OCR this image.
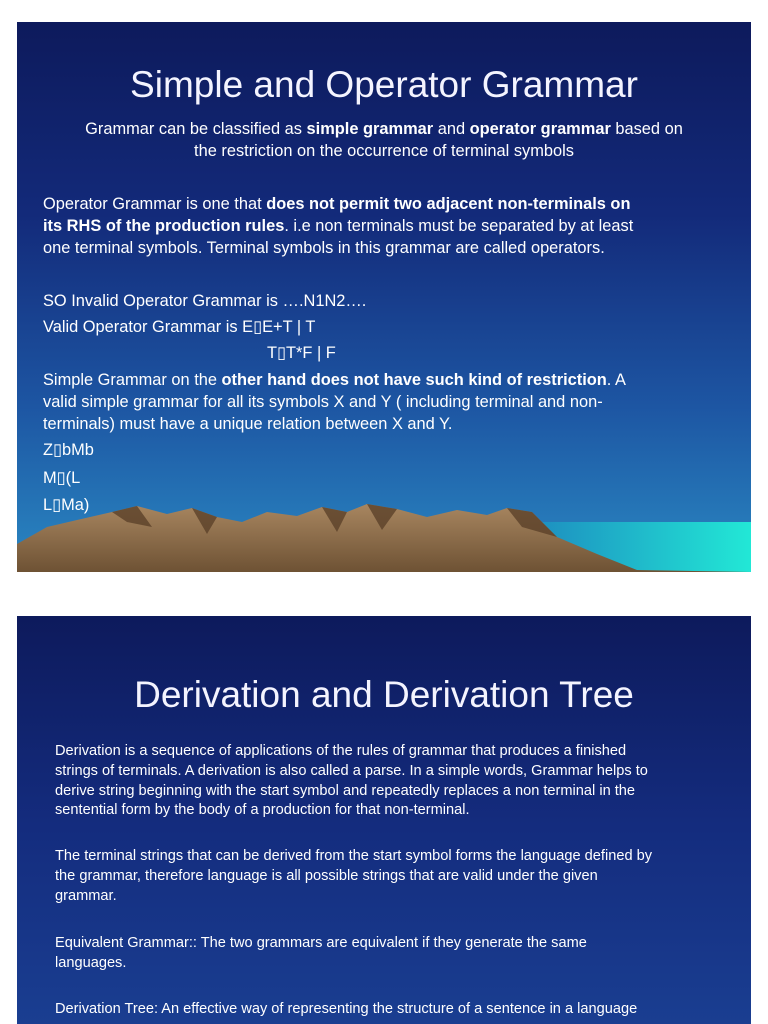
Simple and Operator Grammar

Grammar can be classified as simple grammar and operator grammar based on

the restriction on the occurrence of terminal symbols

Operator Grammar is one that does not permit two adjacent non-terminals on

its RHS of the production rules. i.e non terminals must be separated by at least

one terminal symbols. Terminal symbols in this grammar are called operators.

SO Invalid Operator Grammar is ….N1N2….

Valid Operator Grammar is E▯E+T | T

T▯T*F | F

Simple Grammar on the other hand does not have such kind of restriction. A

valid simple grammar for all its symbols X and Y ( including terminal and non-

terminals) must have a unique relation between X and Y.

Z▯bMb

M▯(L

L▯Ma)

Derivation and Derivation Tree
Derivation is a sequence of applications of the rules of grammar that produces a finished
strings of terminals. A derivation is also called a parse. In a simple words, Grammar helps to
derive string beginning with the start symbol and repeatedly replaces a non terminal in the
sentential form by the body of a production for that non-terminal.
The terminal strings that can be derived from the start symbol forms the language defined by
the grammar, therefore language is all possible strings that are valid under the given
grammar.
Equivalent Grammar:: The two grammars are equivalent if they generate the same
languages.
Derivation Tree: An effective way of representing the structure of a sentence in a language
